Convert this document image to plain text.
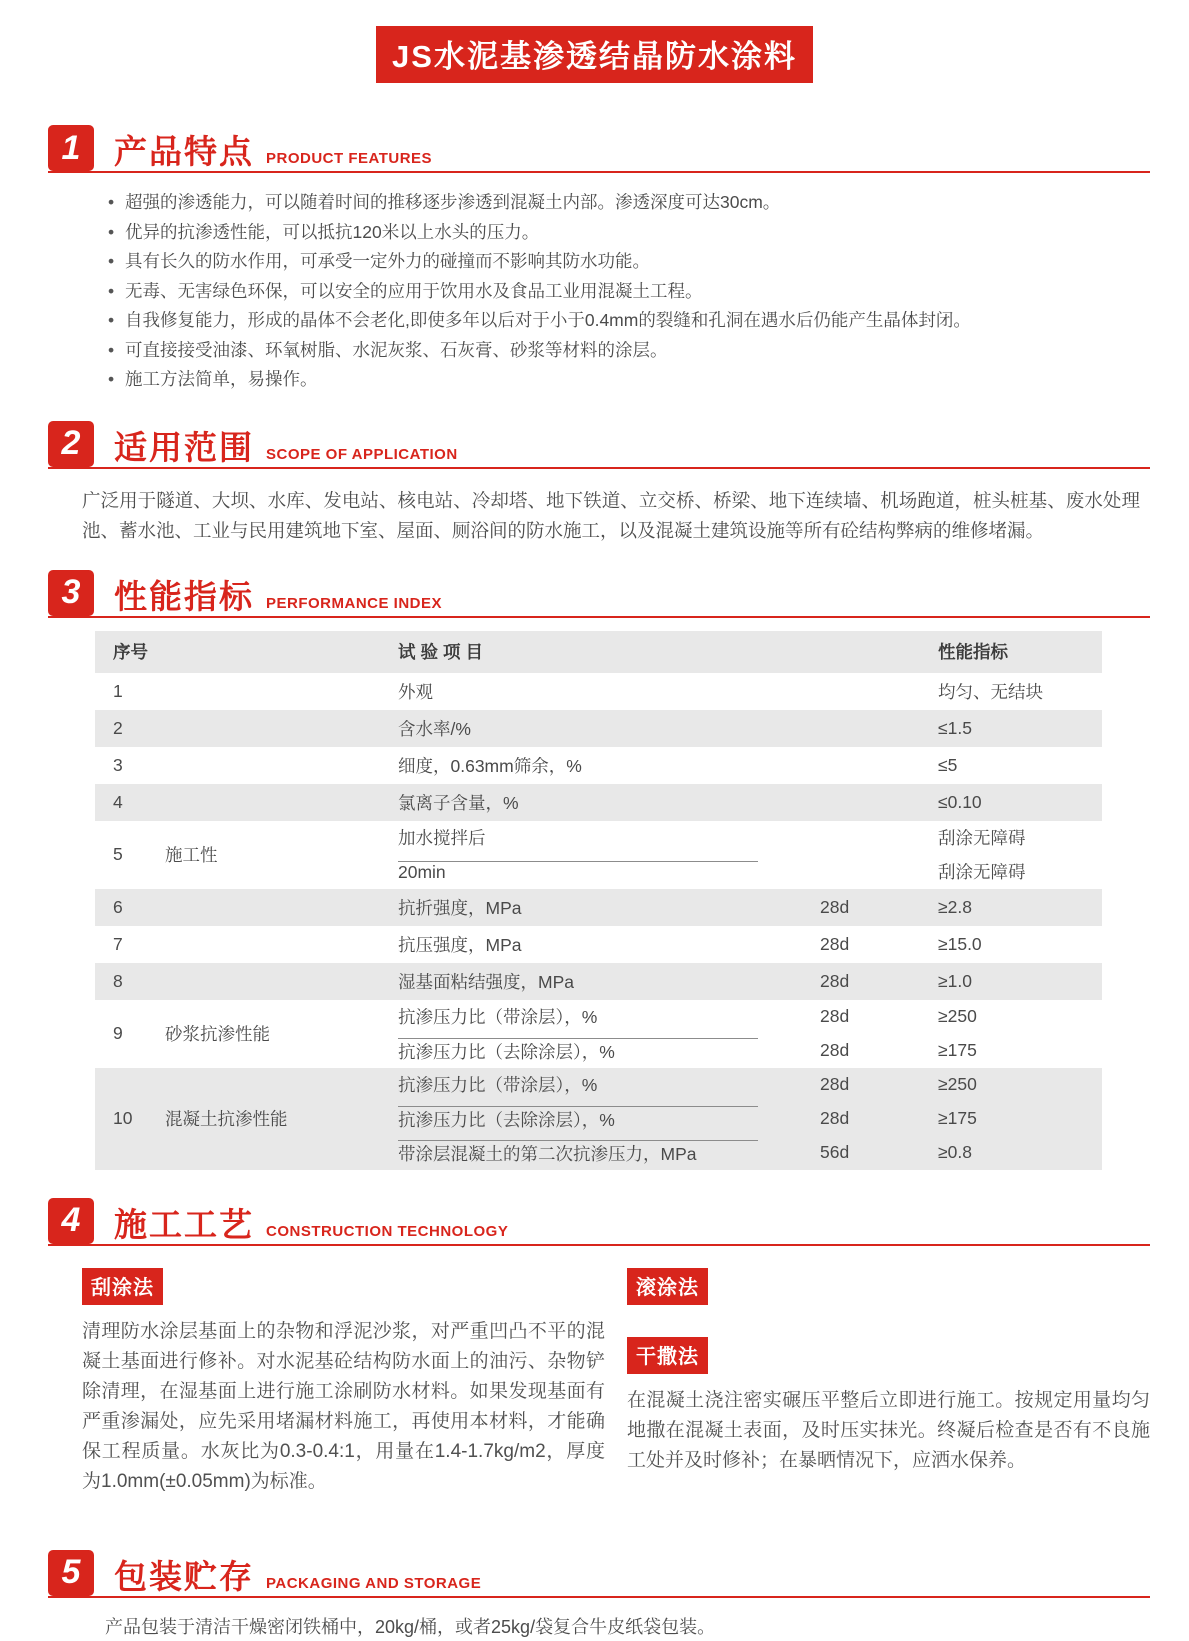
JS水泥基渗透结晶防水涂料
1	产品特点 PRODUCT FEATURES
• 超强的渗透能力，可以随着时间的推移逐步渗透到混凝土内部。渗透深度可达30cm。
• 优异的抗渗透性能，可以抵抗120米以上水头的压力。
• 具有长久的防水作用，可承受一定外力的碰撞而不影响其防水功能。
• 无毒、无害绿色环保，可以安全的应用于饮用水及食品工业用混凝土工程。
• 自我修复能力，形成的晶体不会老化,即使多年以后对于小于0.4mm的裂缝和孔洞在遇水后仍能产生晶体封闭。
• 可直接接受油漆、环氧树脂、水泥灰浆、石灰膏、砂浆等材料的涂层。
• 施工方法简单，易操作。
2	适用范围 SCOPE OF APPLICATION

广泛用于隧道、大坝、水库、发电站、核电站、冷却塔、地下铁道、立交桥、桥梁、地下连续墙、机场跑道，桩头桩基、废水处理池、蓄水池、工业与民用建筑地下室、屋面、厕浴间的防水施工，以及混凝土建筑设施等所有砼结构弊病的维修堵漏。

3	性能指标 PERFORMANCE INDEX
序号	试验项目	性能指标
1	外观	均匀、无结块
2	含水率/%	≤1.5
3	细度，0.63mm筛余，%	≤5
4	氯离子含量，%	≤0.10
5	施工性
加水搅拌后	刮涂无障碍
20min	刮涂无障碍
6	抗折强度，MPa	28d	≥2.8
7	抗压强度，MPa	28d	≥15.0
8	湿基面粘结强度，MPa	28d	≥1.0
9	砂浆抗渗性能
抗渗压力比（带涂层），%	28d	≥250
抗渗压力比（去除涂层），%	28d	≥175
10	混凝土抗渗性能
抗渗压力比（带涂层），%	28d	≥250
抗渗压力比（去除涂层），%	28d	≥175
带涂层混凝土的第二次抗渗压力，MPa	56d	≥0.8
4	施工工艺 CONSTRUCTION TECHNOLOGY
刮涂法

清理防水涂层基面上的杂物和浮泥沙浆，对严重凹凸不平的混凝土基面进行修补。对水泥基砼结构防水面上的油污、杂物铲除清理，在湿基面上进行施工涂刷防水材料。如果发现基面有严重渗漏处，应先采用堵漏材料施工，再使用本材料，才能确保工程质量。水灰比为0.3-0.4:1，用量在1.4-1.7kg/m2，厚度为1.0mm(±0.05mm)为标准。

滚涂法
干撒法

在混凝土浇注密实碾压平整后立即进行施工。按规定用量均匀地撒在混凝土表面，及时压实抹光。终凝后检查是否有不良施工处并及时修补；在暴晒情况下，应洒水保养。

5	包装贮存 PACKAGING AND STORAGE

产品包装于清洁干燥密闭铁桶中，20kg/桶，或者25kg/袋复合牛皮纸袋包装。
